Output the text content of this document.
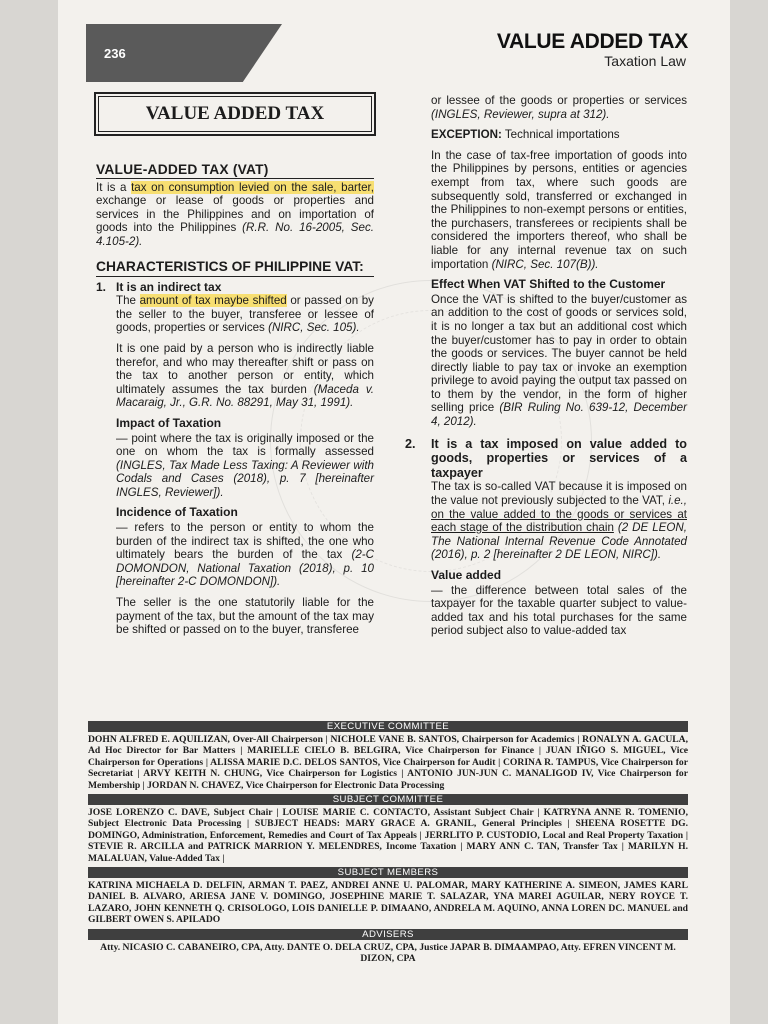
236
VALUE ADDED TAX
Taxation Law
VALUE ADDED TAX
VALUE-ADDED TAX (VAT)

It is a tax on consumption levied on the sale, barter, exchange or lease of goods or properties and services in the Philippines and on importation of goods into the Philippines (R.R. No. 16-2005, Sec. 4.105-2).

CHARACTERISTICS OF PHILIPPINE VAT:
1. It is an indirect tax

The amount of tax maybe shifted or passed on by the seller to the buyer, transferee or lessee of goods, properties or services (NIRC, Sec. 105).

It is one paid by a person who is indirectly liable therefor, and who may thereafter shift or pass on the tax to another person or entity, which ultimately assumes the tax burden (Maceda v. Macaraig, Jr., G.R. No. 88291, May 31, 1991).

Impact of Taxation

— point where the tax is originally imposed or the one on whom the tax is formally assessed (INGLES, Tax Made Less Taxing: A Reviewer with Codals and Cases (2018), p. 7 [hereinafter INGLES, Reviewer]).

Incidence of Taxation

— refers to the person or entity to whom the burden of the indirect tax is shifted, the one who ultimately bears the burden of the tax (2-C DOMONDON, National Taxation (2018), p. 10 [hereinafter 2-C DOMONDON]).

The seller is the one statutorily liable for the payment of the tax, but the amount of the tax may be shifted or passed on to the buyer, transferee

or lessee of the goods or properties or services (INGLES, Reviewer, supra at 312).

EXCEPTION: Technical importations

In the case of tax-free importation of goods into the Philippines by persons, entities or agencies exempt from tax, where such goods are subsequently sold, transferred or exchanged in the Philippines to non-exempt persons or entities, the purchasers, transferees or recipients shall be considered the importers thereof, who shall be liable for any internal revenue tax on such importation (NIRC, Sec. 107(B)).

Effect When VAT Shifted to the Customer

Once the VAT is shifted to the buyer/customer as an addition to the cost of goods or services sold, it is no longer a tax but an additional cost which the buyer/customer has to pay in order to obtain the goods or services. The buyer cannot be held directly liable to pay tax or invoke an exemption privilege to avoid paying the output tax passed on to them by the vendor, in the form of higher selling price (BIR Ruling No. 639-12, December 4, 2012).

2.	It is a tax imposed on value added to goods, properties or services of a taxpayer

The tax is so-called VAT because it is imposed on the value not previously subjected to the VAT, i.e., on the value added to the goods or services at each stage of the distribution chain (2 DE LEON, The National Internal Revenue Code Annotated (2016), p. 2 [hereinafter 2 DE LEON, NIRC]).

Value added

— the difference between total sales of the taxpayer for the taxable quarter subject to value-added tax and his total purchases for the same period subject also to value-added tax

EXECUTIVE COMMITTEE
DOHN ALFRED E. AQUILIZAN, Over-All Chairperson | NICHOLE VANE B. SANTOS, Chairperson for Academics | RONALYN A. GACULA, Ad Hoc Director for Bar Matters | MARIELLE CIELO B. BELGIRA, Vice Chairperson for Finance | JUAN IÑIGO S. MIGUEL, Vice Chairperson for Operations | ALISSA MARIE D.C. DELOS SANTOS, Vice Chairperson for Audit | CORINA R. TAMPUS, Vice Chairperson for Secretariat | ARVY KEITH N. CHUNG, Vice Chairperson for Logistics | ANTONIO JUN-JUN C. MANALIGOD IV, Vice Chairperson for Membership | JORDAN N. CHAVEZ, Vice Chairperson for Electronic Data Processing
SUBJECT COMMITTEE
JOSE LORENZO C. DAVE, Subject Chair | LOUISE MARIE C. CONTACTO, Assistant Subject Chair | KATRYNA ANNE R. TOMENIO, Subject Electronic Data Processing | SUBJECT HEADS: MARY GRACE A. GRANIL, General Principles | SHEENA ROSETTE DG. DOMINGO, Administration, Enforcement, Remedies and Court of Tax Appeals | JERRLITO P. CUSTODIO, Local and Real Property Taxation | STEVIE R. ARCILLA and PATRICK MARRION Y. MELENDRES, Income Taxation | MARY ANN C. TAN, Transfer Tax | MARILYN H. MALALUAN, Value-Added Tax |
SUBJECT MEMBERS
KATRINA MICHAELA D. DELFIN, ARMAN T. PAEZ, ANDREI ANNE U. PALOMAR, MARY KATHERINE A. SIMEON, JAMES KARL DANIEL B. ALVARO, ARIESA JANE V. DOMINGO, JOSEPHINE MARIE T. SALAZAR, YNA MAREI AGUILAR, NERY ROYCE T. LAZARO, JOHN KENNETH Q. CRISOLOGO, LOIS DANIELLE P. DIMAANO, ANDRELA M. AQUINO, ANNA LOREN DC. MANUEL and GILBERT OWEN S. APILADO
ADVISERS
Atty. NICASIO C. CABANEIRO, CPA, Atty. DANTE O. DELA CRUZ, CPA, Justice JAPAR B. DIMAAMPAO, Atty. EFREN VINCENT M. DIZON, CPA
